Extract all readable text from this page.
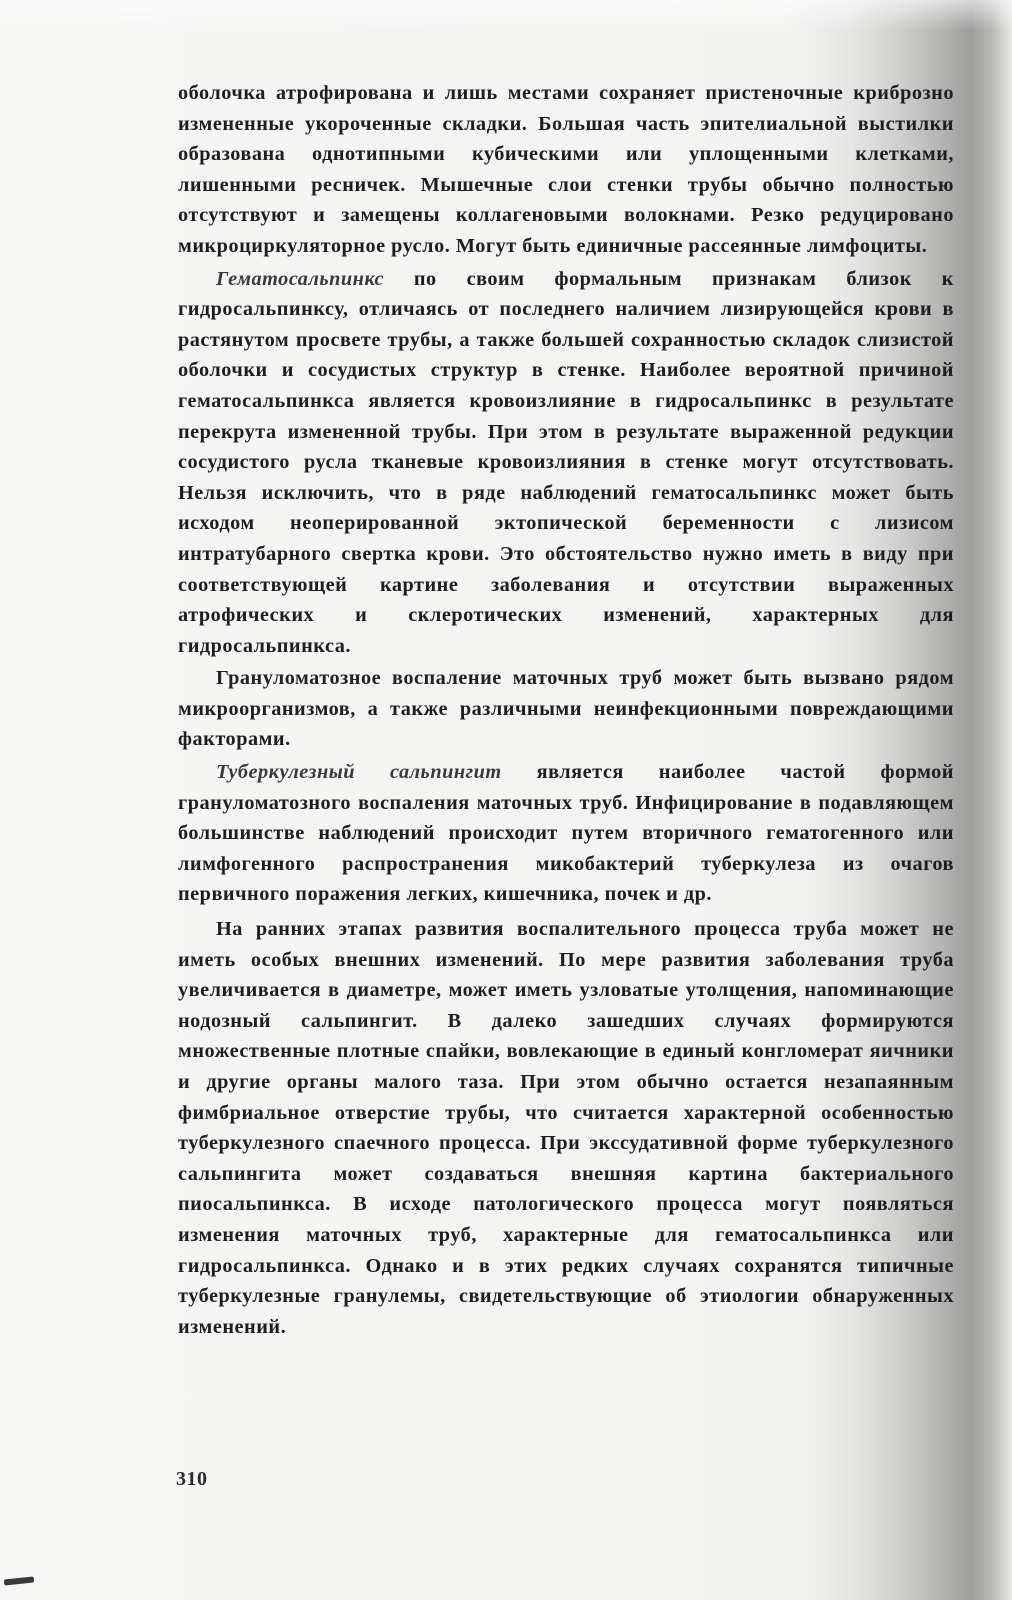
оболочка атрофирована и лишь местами сохраняет пристеночные криброзно измененные укороченные складки. Большая часть эпителиальной выстилки образована однотипными кубическими или уплощенными клетками, лишенными ресничек. Мышечные слои стенки трубы обычно полностью отсутствуют и замещены коллагеновыми волокнами. Резко редуцировано микроциркуляторное русло. Могут быть единичные рассеянные лимфоциты.

Гематосальпинкс по своим формальным признакам близок к гидросальпинксу, отличаясь от последнего наличием лизирующейся крови в растянутом просвете трубы, а также большей сохранностью складок слизистой оболочки и сосудистых структур в стенке. Наиболее вероятной причиной гематосальпинкса является кровоизлияние в гидросальпинкс в результате перекрута измененной трубы. При этом в результате выраженной редукции сосудистого русла тканевые кровоизлияния в стенке могут отсутствовать. Нельзя исключить, что в ряде наблюдений гематосальпинкс может быть исходом неоперированной эктопической беременности с лизисом интратубарного свертка крови. Это обстоятельство нужно иметь в виду при соответствующей картине заболевания и отсутствии выраженных атрофических и склеротических изменений, характерных для гидросальпинкса.

Грануломатозное воспаление маточных труб может быть вызвано рядом микроорганизмов, а также различными неинфекционными повреждающими факторами.

Туберкулезный сальпингит является наиболее частой формой грануломатозного воспаления маточных труб. Инфицирование в подавляющем большинстве наблюдений происходит путем вторичного гематогенного или лимфогенного распространения микобактерий туберкулеза из очагов первичного поражения легких, кишечника, почек и др.

На ранних этапах развития воспалительного процесса труба может не иметь особых внешних изменений. По мере развития заболевания труба увеличивается в диаметре, может иметь узловатые утолщения, напоминающие нодозный сальпингит. В далеко зашедших случаях формируются множественные плотные спайки, вовлекающие в единый конгломерат яичники и другие органы малого таза. При этом обычно остается незапаянным фимбриальное отверстие трубы, что считается характерной особенностью туберкулезного спаечного процесса. При экссудативной форме туберкулезного сальпингита может создаваться внешняя картина бактериального пиосальпинкса. В исходе патологического процесса могут появляться изменения маточных труб, характерные для гематосальпинкса или гидросальпинкса. Однако и в этих редких случаях сохранятся типичные туберкулезные гранулемы, свидетельствующие об этиологии обнаруженных изменений.

310
